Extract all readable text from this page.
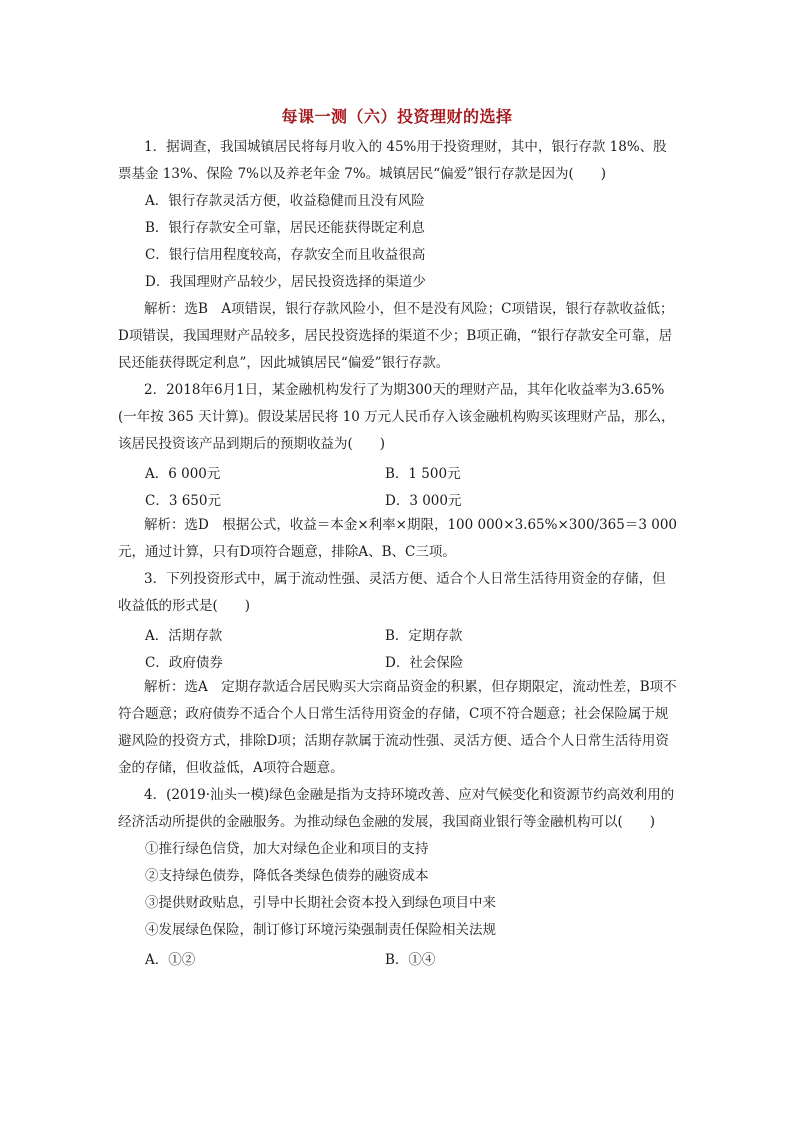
每课一测（六）投资理财的选择

1．据调查，我国城镇居民将每月收入的 45%用于投资理财，其中，银行存款 18%、股票基金 13%、保险 7%以及养老年金 7%。城镇居民“偏爱”银行存款是因为(　　)

A．银行存款灵活方便，收益稳健而且没有风险

B．银行存款安全可靠，居民还能获得既定利息

C．银行信用程度较高，存款安全而且收益很高

D．我国理财产品较少，居民投资选择的渠道少

解析：选B　A项错误，银行存款风险小，但不是没有风险；C项错误，银行存款收益低；D项错误，我国理财产品较多，居民投资选择的渠道不少；B项正确，“银行存款安全可靠，居民还能获得既定利息”，因此城镇居民“偏爱”银行存款。

2．2018年6月1日，某金融机构发行了为期300天的理财产品，其年化收益率为3.65%(一年按 365 天计算)。假设某居民将 10 万元人民币存入该金融机构购买该理财产品，那么，该居民投资该产品到期后的预期收益为(　　)

A．6 000元	B．1 500元
C．3 650元	D．3 000元

解析：选D　根据公式，收益＝本金×利率×期限，100 000×3.65%×300/365＝3 000元，通过计算，只有D项符合题意，排除A、B、C三项。

3．下列投资形式中，属于流动性强、灵活方便、适合个人日常生活待用资金的存储，但收益低的形式是(　　)

A．活期存款	B．定期存款
C．政府债券	D．社会保险

解析：选A　定期存款适合居民购买大宗商品资金的积累，但存期限定，流动性差，B项不符合题意；政府债券不适合个人日常生活待用资金的存储，C项不符合题意；社会保险属于规避风险的投资方式，排除D项；活期存款属于流动性强、灵活方便、适合个人日常生活待用资金的存储，但收益低，A项符合题意。

4．(2019·汕头一模)绿色金融是指为支持环境改善、应对气候变化和资源节约高效利用的经济活动所提供的金融服务。为推动绿色金融的发展，我国商业银行等金融机构可以(　　)

①推行绿色信贷，加大对绿色企业和项目的支持

②支持绿色债券，降低各类绿色债券的融资成本

③提供财政贴息，引导中长期社会资本投入到绿色项目中来

④发展绿色保险，制订修订环境污染强制责任保险相关法规

A．①②	B．①④
